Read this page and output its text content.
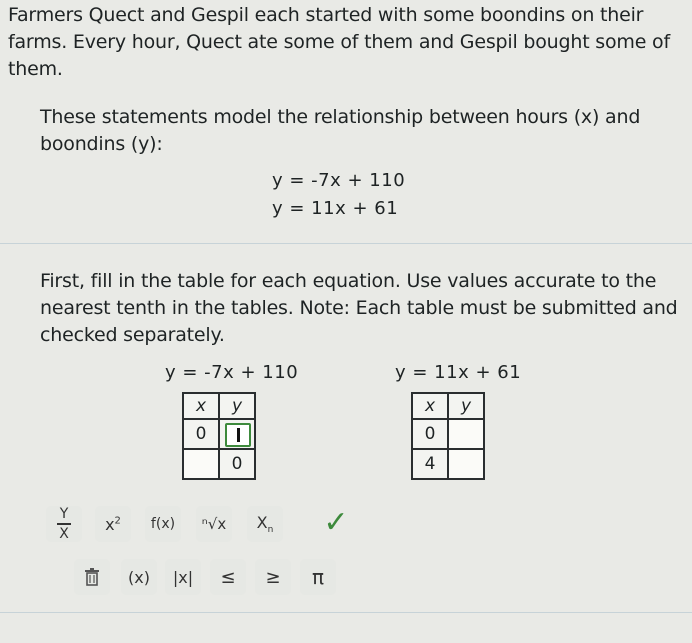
Farmers Quect and Gespil each started with some boondins on their

farms. Every hour, Quect ate some of them and Gespil bought some of

them.

These statements model the relationship between hours (x) and

boondins (y):

y = -7x + 110
y = 11x + 61

First, fill in the table for each equation. Use values accurate to the

nearest tenth in the tables. Note: Each table must be submitted and

checked separately.

y = -7x + 110
x	y
0	

	0
y = 11x + 61
x	y
0	
4	
$\frac{Y}{X} x^2$	f(x)	ⁿ√x	$X_n$ ✓
(x)	|x|	≤	≥	π
